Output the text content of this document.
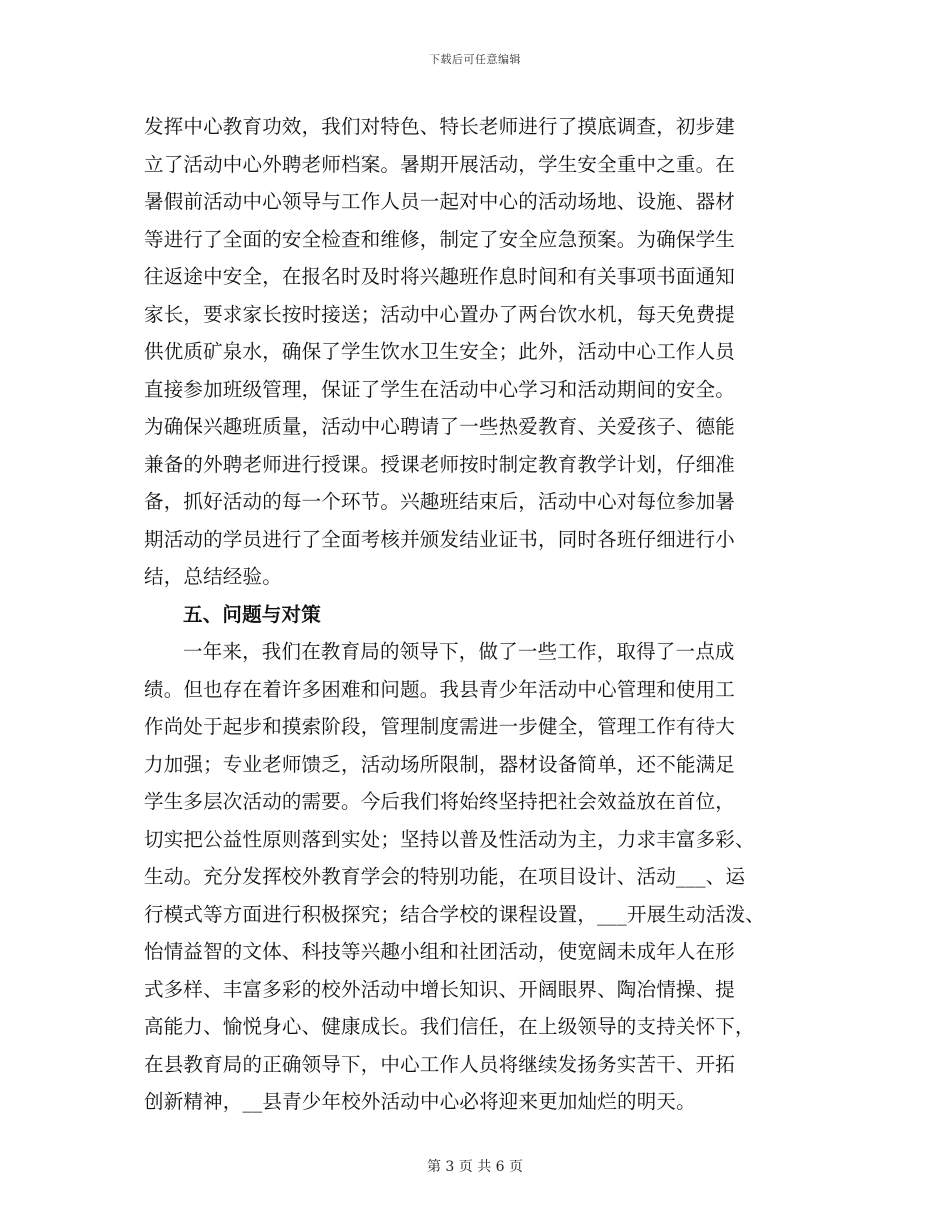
下载后可任意编辑
发挥中心教育功效，我们对特色、特长老师进行了摸底调查，初步建
立了活动中心外聘老师档案。暑期开展活动，学生安全重中之重。在
暑假前活动中心领导与工作人员一起对中心的活动场地、设施、器材
等进行了全面的安全检查和维修，制定了安全应急预案。为确保学生
往返途中安全，在报名时及时将兴趣班作息时间和有关事项书面通知
家长，要求家长按时接送；活动中心置办了两台饮水机，每天免费提
供优质矿泉水，确保了学生饮水卫生安全；此外，活动中心工作人员
直接参加班级管理，保证了学生在活动中心学习和活动期间的安全。
为确保兴趣班质量，活动中心聘请了一些热爱教育、关爱孩子、德能
兼备的外聘老师进行授课。授课老师按时制定教育教学计划，仔细准
备，抓好活动的每一个环节。兴趣班结束后，活动中心对每位参加暑
期活动的学员进行了全面考核并颁发结业证书，同时各班仔细进行小
结，总结经验。
五、问题与对策
一年来，我们在教育局的领导下，做了一些工作，取得了一点成
绩。但也存在着许多困难和问题。我县青少年活动中心管理和使用工
作尚处于起步和摸索阶段，管理制度需进一步健全，管理工作有待大
力加强；专业老师馈乏，活动场所限制，器材设备简单，还不能满足
学生多层次活动的需要。今后我们将始终坚持把社会效益放在首位，
切实把公益性原则落到实处；坚持以普及性活动为主，力求丰富多彩、
生动。充分发挥校外教育学会的特别功能，在项目设计、活动___、运
行模式等方面进行积极探究；结合学校的课程设置，___开展生动活泼、
怡情益智的文体、科技等兴趣小组和社团活动，使宽阔未成年人在形
式多样、丰富多彩的校外活动中增长知识、开阔眼界、陶冶情操、提
高能力、愉悦身心、健康成长。我们信任，在上级领导的支持关怀下，
在县教育局的正确领导下，中心工作人员将继续发扬务实苦干、开拓
创新精神，__县青少年校外活动中心必将迎来更加灿烂的明天。
第 3 页 共 6 页
